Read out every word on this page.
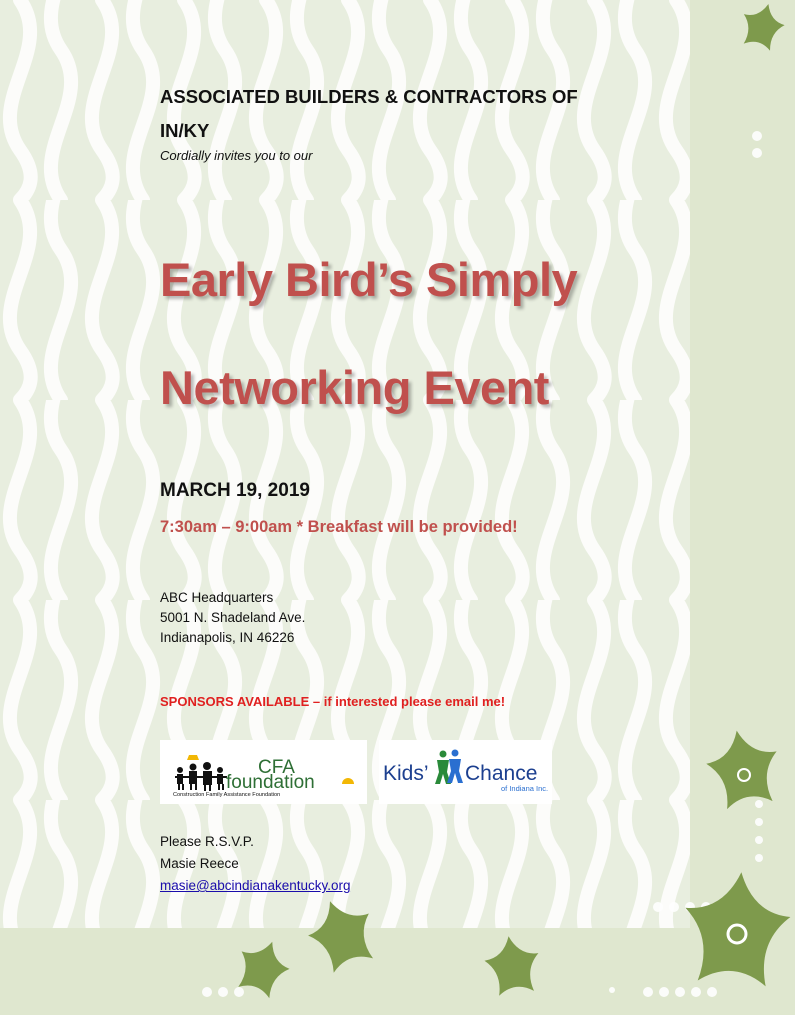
ASSOCIATED BUILDERS & CONTRACTORS OF IN/KY
Cordially invites you to our
Early Bird’s Simply
Networking Event
MARCH 19, 2019
7:30am – 9:00am * Breakfast will be provided!
ABC Headquarters
5001 N. Shadeland Ave.
Indianapolis, IN 46226
SPONSORS AVAILABLE – if interested please email me!
CFA
foundation
Construction Family Assistance Foundation
Kids’ Chance
of Indiana Inc.
Please R.S.V.P.
Masie Reece
masie@abcindianakentucky.org
